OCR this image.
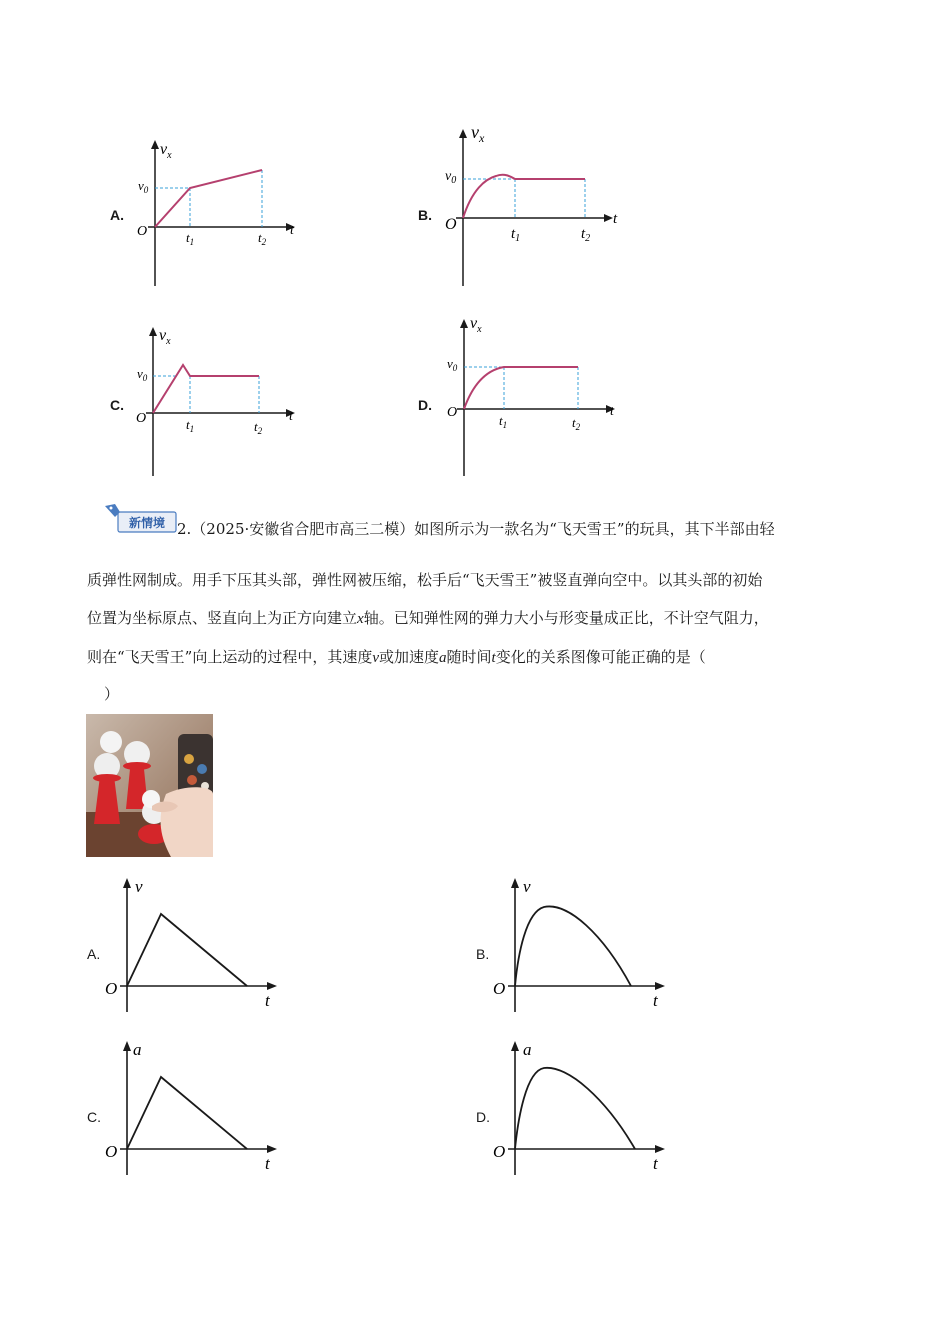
A.
$v_x$
$v_0$
O	$t_1$	$t_2$
t
B.
$v_x$
$v_0$
O
$t_1$	$t_2$
t
C.
$v_x$
$v_0$
O	$t_1$	$t_2$
t
D.
$v_x$
$v_0$
O
$t_1$	$t_2$
t
新情境 2.（2025·安徽省合肥市高三二模）如图所示为一款名为“飞天雪王”的玩具，其下半部由轻
质弹性网制成。用手下压其头部，弹性网被压缩，松手后“飞天雪王”被竖直弹向空中。以其头部的初始
位置为坐标原点、竖直向上为正方向建立x轴。已知弹性网的弹力大小与形变量成正比，不计空气阻力，
则在“飞天雪王”向上运动的过程中，其速度v或加速度a随时间t变化的关系图像可能正确的是（
）
A.
v
O
t
B.
v
O
t
C.
a
O
t
D.
a
O
t
